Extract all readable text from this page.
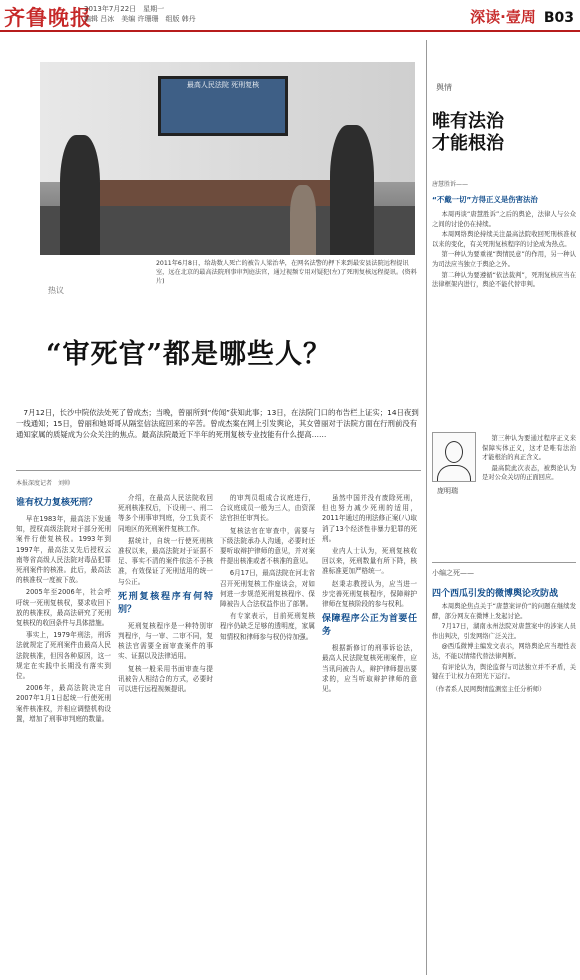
齐鲁晚报
2013年7月22日　星期一
编辑 吕冰　美编 许珊珊　组版 韩丹	深读·壹周 B03
最高人民法院 死刑复核
2011年6月8日，给劫数人死亡的被告人梁治华，在网名法警的押下来到最安县法院远程提讯室，远在北京的最高法院刑事审判庭法官，通过视频专用对疑犯(左)了死刑复核远程提讯。(资料片)
热议
“审死官”都是哪些人？
7月12日，长沙中院依法处死了曾成杰；当晚，曾丽所到“传闻”获知此事；13日，在法院门口的布告栏上证实；14日夜到一线通知；15日，曾丽和她哥哥从隔室信法庭回来的辛苦。曾成杰案在网上引发舆论，其女曾丽对于法院方面在行刑前没有通知家属的质疑成为公众关注的焦点。最高法院最近下半年的死刑复核专业技能有什么提高……
本报深度记者　刘帅
谁有权力复核死刑？

早在1983年，最高法下发通知，授权高级法院对于部分死刑案件行使复核权。1993年到1997年，最高法又先后授权云南等省高级人民法院对毒品犯罪死刑案件的核准。此后，最高法的核准权一度被下放。

2005年至2006年，社会呼吁统一死刑复核权，要求收回下放的核准权，最高法研究了死刑复核权的收回条件与具体措施。

事实上，1979年刑法，刑诉法就规定了死刑案件由最高人民法院核准，但因各种原因，这一规定在实践中长期没有落实到位。

2006年，最高法院决定自2007年1月1日起统一行使死刑案件核准权，并相应调整机构设置，增加了刑事审判庭的数量。

介绍，在最高人民法院收回死刑核准权后，下设刑一、刑二等多个刑事审判庭，分工负责不同地区的死刑案件复核工作。

据统计，自统一行使死刑核准权以来，最高法院对于证据不足、事实不清的案件依法不予核准，有效保证了死刑适用的统一与公正。

死刑复核程序有何特别？

死刑复核程序是一种特别审判程序，与一审、二审不同，复核法官需要全面审查案件的事实、证据以及法律适用。

复核一般采用书面审查与提讯被告人相结合的方式，必要时可以进行远程视频提讯。

的审判员组成合议庭进行，合议庭成员一般为三人，由资深法官担任审判长。

复核法官在审查中，需要与下级法院承办人沟通，必要时还要听取辩护律师的意见，并对案件提出核准或者不核准的意见。

6月17日，最高法院在河北省召开死刑复核工作座谈会，对如何进一步规范死刑复核程序、保障被告人合法权益作出了部署。

有专家表示，目前死刑复核程序仍缺乏足够的透明度，家属知情权和律师参与权仍待加强。

虽然中国并没有废除死刑，但也努力减少死刑的适用，2011年通过的刑法修正案(八)取消了13个经济性非暴力犯罪的死刑。

业内人士认为，死刑复核收回以来，死刑数量有所下降，核准标准更加严格统一。

赵秉志教授认为，应当进一步完善死刑复核程序，保障辩护律师在复核阶段的参与权利。

保障程序公正为首要任务

根据新修订的刑事诉讼法，最高人民法院复核死刑案件，应当讯问被告人，辩护律师提出要求的，应当听取辩护律师的意见。

舆情
唯有法治
才能根治
唐慧胜诉——
“不戴一切”方得正义是伤害法治

本周再谈“唐慧胜诉”之后的舆论，法律人与公众之间的讨论仍在持续。

本周网络舆论持续关注最高法院收回死刑核准权以来的变化，有关死刑复核程序的讨论成为热点。

第一种认为要重视“舆情民意”的作用，另一种认为司法应当独立于舆论之外。

第二种认为要遵循“依法裁判”，死刑复核应当在法律框架内进行，舆论不能代替审判。

庞明瑞

第三种认为要通过程序正义来保障实体正义，这才是唯有法治才能根治的真正含义。

最高院此次表态，被舆论认为是对公众关切的正面回应。

小编之死——
四个西瓜引发的微博舆论攻防战

本周舆论焦点关于“唐慧案评价”的问题在继续发酵，部分网友在微博上发起讨论。

7月17日，湖南永州法院对唐慧案中的涉案人员作出判决，引发网络广泛关注。

@西瓜微博主编发文表示，网络舆论应当理性表达，不能以情绪代替法律判断。

有评论认为，舆论监督与司法独立并不矛盾，关键在于让权力在阳光下运行。

（作者系人民网舆情监测室主任分析师）
